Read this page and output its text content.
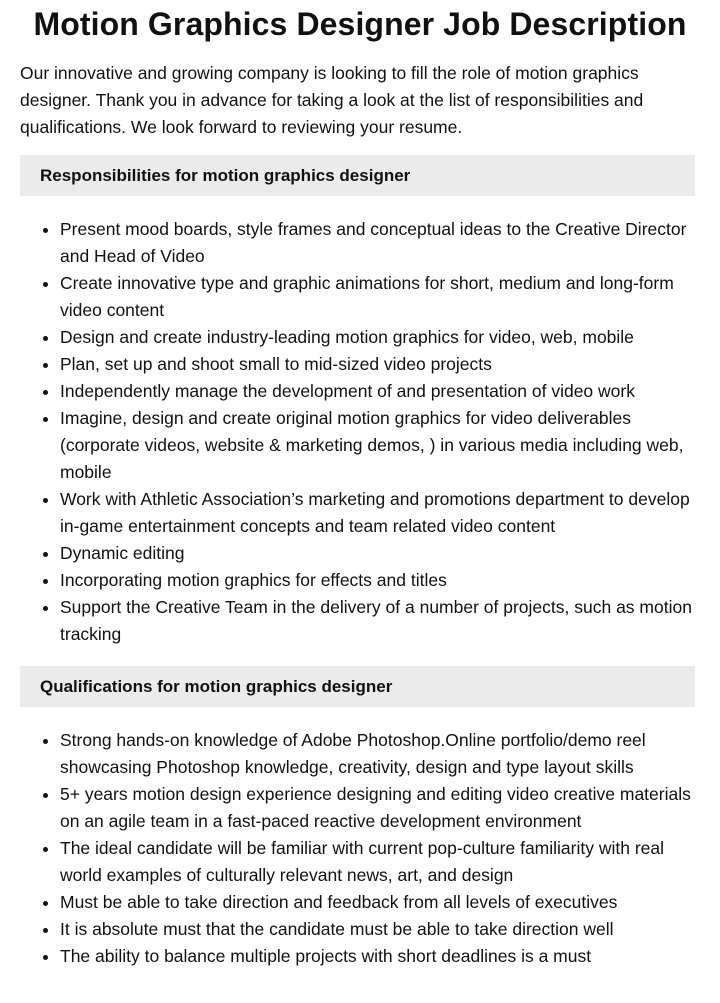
Motion Graphics Designer Job Description

Our innovative and growing company is looking to fill the role of motion graphics designer. Thank you in advance for taking a look at the list of responsibilities and qualifications. We look forward to reviewing your resume.

Responsibilities for motion graphics designer
• Present mood boards, style frames and conceptual ideas to the Creative Director and Head of Video
• Create innovative type and graphic animations for short, medium and long-form video content
• Design and create industry-leading motion graphics for video, web, mobile
• Plan, set up and shoot small to mid-sized video projects
• Independently manage the development of and presentation of video work
• Imagine, design and create original motion graphics for video deliverables (corporate videos, website & marketing demos, ) in various media including web, mobile
• Work with Athletic Association’s marketing and promotions department to develop in-game entertainment concepts and team related video content
• Dynamic editing
• Incorporating motion graphics for effects and titles
• Support the Creative Team in the delivery of a number of projects, such as motion tracking
Qualifications for motion graphics designer
• Strong hands-on knowledge of Adobe Photoshop.Online portfolio/demo reel showcasing Photoshop knowledge, creativity, design and type layout skills
• 5+ years motion design experience designing and editing video creative materials on an agile team in a fast-paced reactive development environment
• The ideal candidate will be familiar with current pop-culture familiarity with real world examples of culturally relevant news, art, and design
• Must be able to take direction and feedback from all levels of executives
• It is absolute must that the candidate must be able to take direction well
• The ability to balance multiple projects with short deadlines is a must
